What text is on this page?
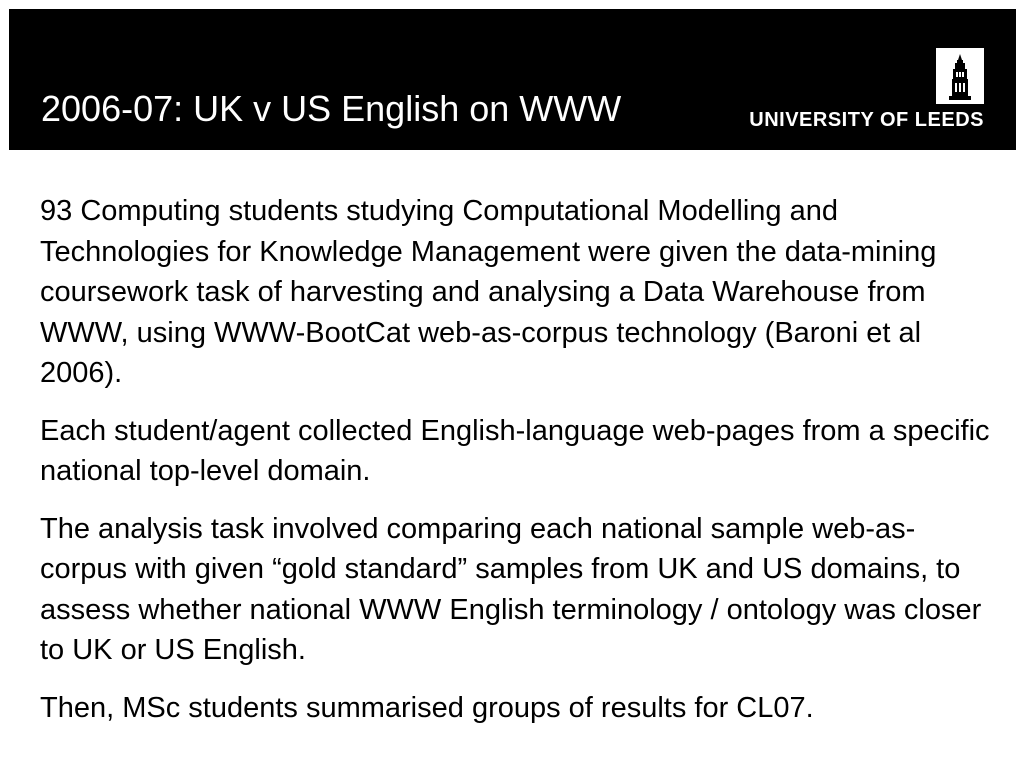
2006-07: UK v US English on WWW	UNIVERSITY OF LEEDS

93 Computing students studying Computational Modelling and Technologies for Knowledge Management were given the data-mining coursework task of harvesting and analysing a Data Warehouse from WWW, using WWW-BootCat web-as-corpus technology (Baroni et al 2006).

Each student/agent collected English-language web-pages from a specific national top-level domain.

The analysis task involved comparing each national sample web-as-corpus with given “gold standard” samples from UK and US domains, to assess whether national WWW English terminology / ontology was closer to UK or US English.

Then, MSc students summarised groups of results for CL07.
